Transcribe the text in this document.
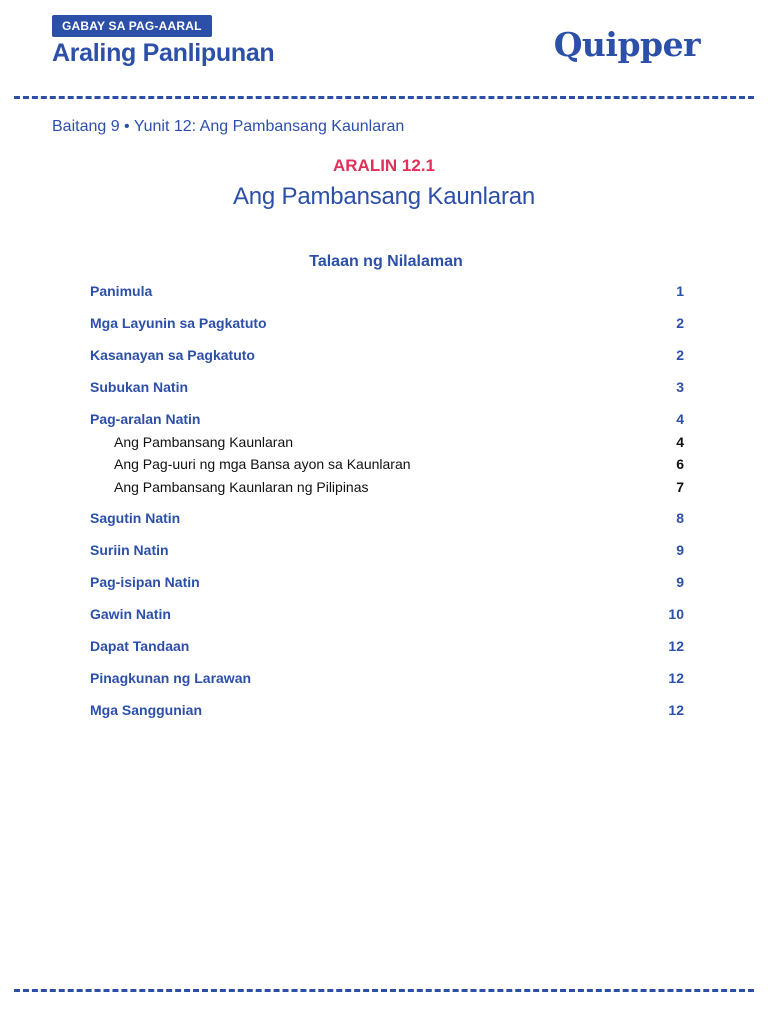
GABAY SA PAG-AARAL
Araling Panlipunan	Quipper
Baitang 9 • Yunit 12: Ang Pambansang Kaunlaran
ARALIN 12.1
Ang Pambansang Kaunlaran
Talaan ng Nilalaman
Panimula	1
Mga Layunin sa Pagkatuto	2
Kasanayan sa Pagkatuto	2
Subukan Natin	3
Pag-aralan Natin	4
Ang Pambansang Kaunlaran	4
Ang Pag-uuri ng mga Bansa ayon sa Kaunlaran	6
Ang Pambansang Kaunlaran ng Pilipinas	7
Sagutin Natin	8
Suriin Natin	9
Pag-isipan Natin	9
Gawin Natin	10
Dapat Tandaan	12
Pinagkunan ng Larawan	12
Mga Sanggunian	12
